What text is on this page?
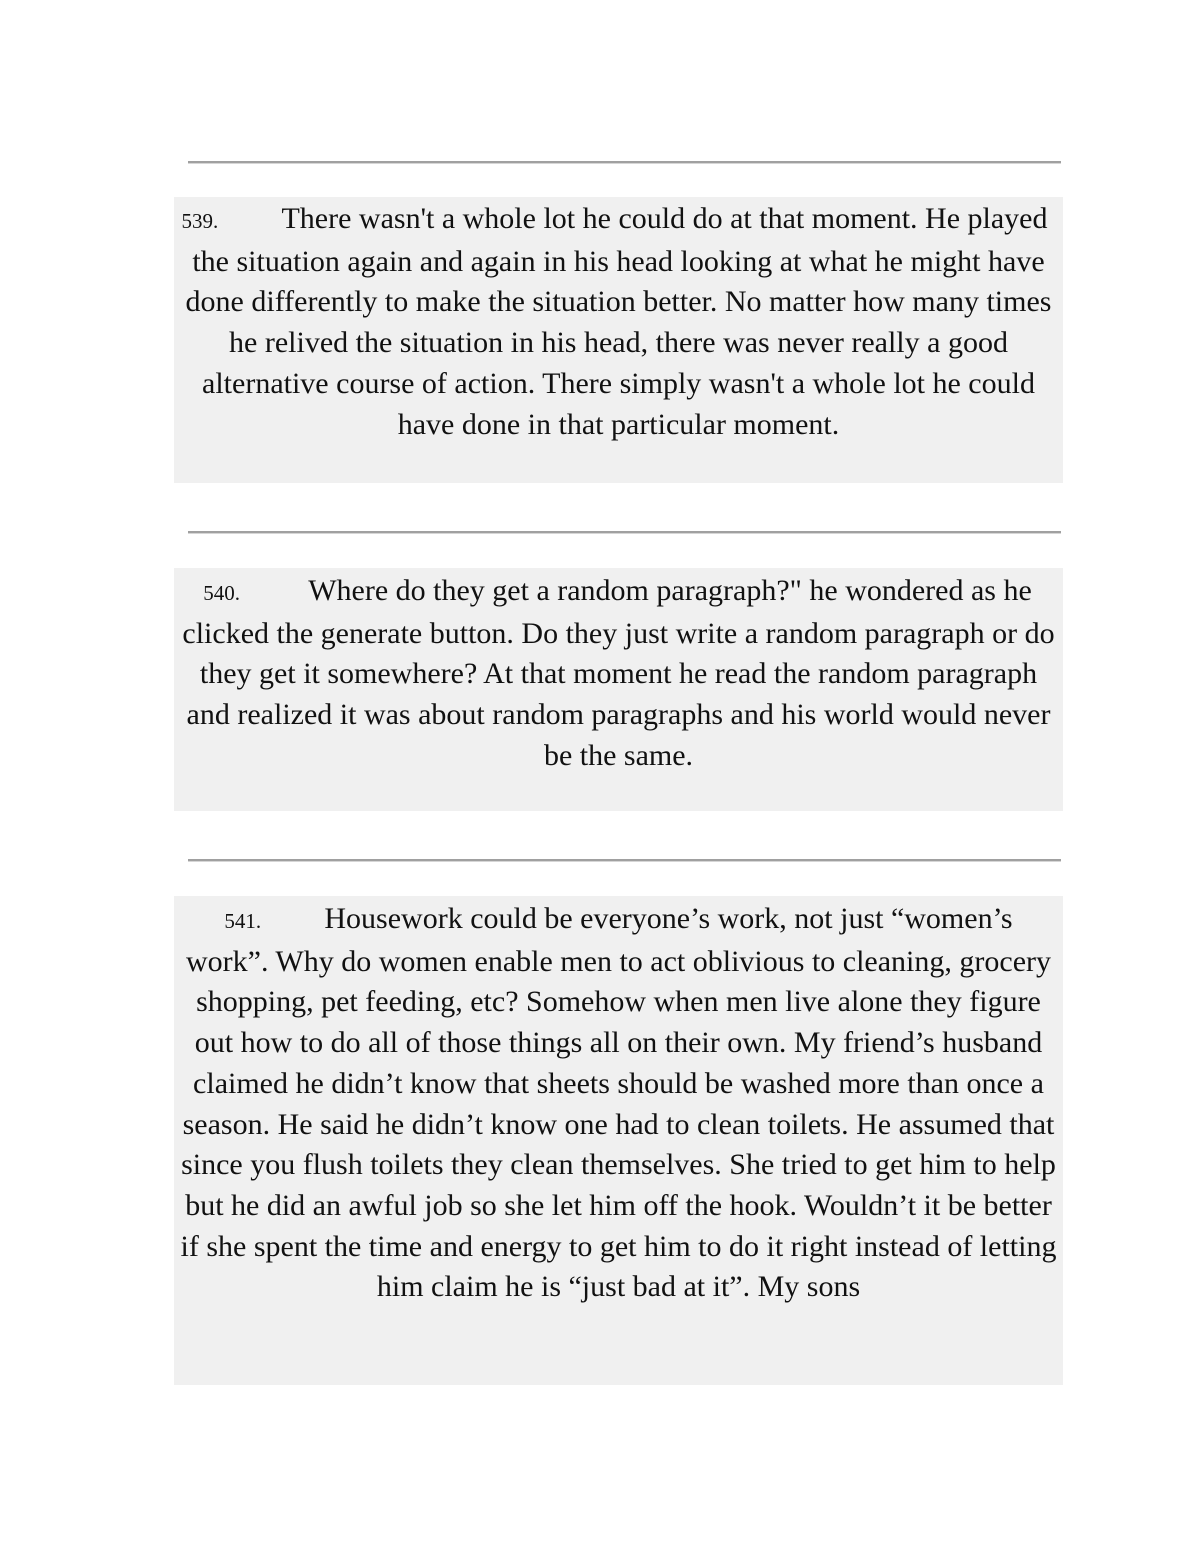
539. There wasn't a whole lot he could do at that moment. He played the situation again and again in his head looking at what he might have done differently to make the situation better. No matter how many times he relived the situation in his head, there was never really a good alternative course of action. There simply wasn't a whole lot he could have done in that particular moment.
540. Where do they get a random paragraph?" he wondered as he clicked the generate button. Do they just write a random paragraph or do they get it somewhere? At that moment he read the random paragraph and realized it was about random paragraphs and his world would never be the same.
541. Housework could be everyone’s work, not just “women’s work”. Why do women enable men to act oblivious to cleaning, grocery shopping, pet feeding, etc? Somehow when men live alone they figure out how to do all of those things all on their own. My friend’s husband claimed he didn’t know that sheets should be washed more than once a season. He said he didn’t know one had to clean toilets. He assumed that since you flush toilets they clean themselves. She tried to get him to help but he did an awful job so she let him off the hook. Wouldn’t it be better if she spent the time and energy to get him to do it right instead of letting him claim he is “just bad at it”. My sons
